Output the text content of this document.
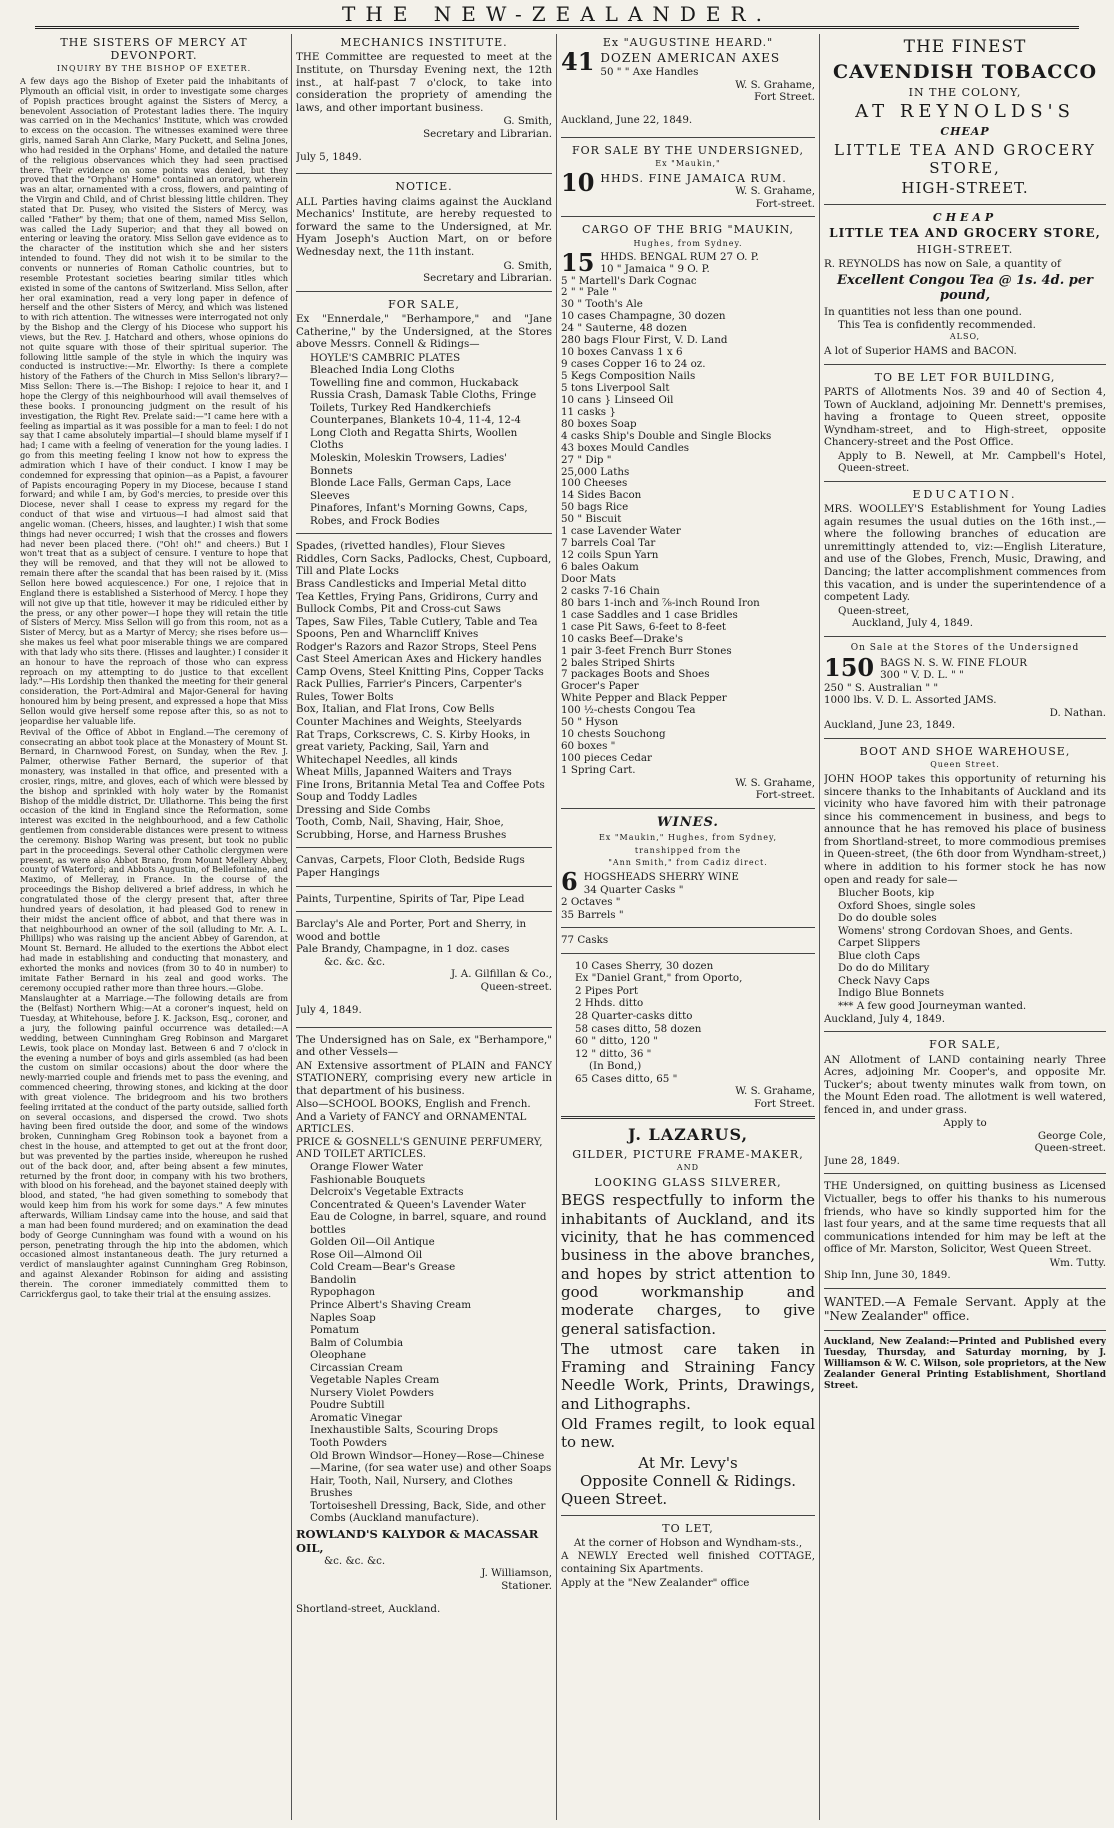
THE NEW-ZEALANDER.
THE SISTERS OF MERCY AT DEVONPORT.
INQUIRY BY THE BISHOP OF EXETER.

A few days ago the Bishop of Exeter paid the inhabitants of Plymouth an official visit, in order to investigate some charges of Popish practices brought against the Sisters of Mercy, a benevolent Association of Protestant ladies there. The inquiry was carried on in the Mechanics' Institute, which was crowded to excess on the occasion. The witnesses examined were three girls, named Sarah Ann Clarke, Mary Puckett, and Selina Jones, who had resided in the Orphans' Home, and detailed the nature of the religious observances which they had seen practised there. Their evidence on some points was denied, but they proved that the "Orphans' Home" contained an oratory, wherein was an altar, ornamented with a cross, flowers, and painting of the Virgin and Child, and of Christ blessing little children. They stated that Dr. Pusey, who visited the Sisters of Mercy, was called "Father" by them; that one of them, named Miss Sellon, was called the Lady Superior; and that they all bowed on entering or leaving the oratory. Miss Sellon gave evidence as to the character of the institution which she and her sisters intended to found. They did not wish it to be similar to the convents or nunneries of Roman Catholic countries, but to resemble Protestant societies bearing similar titles which existed in some of the cantons of Switzerland. Miss Sellon, after her oral examination, read a very long paper in defence of herself and the other Sisters of Mercy, and which was listened to with rich attention. The witnesses were interrogated not only by the Bishop and the Clergy of his Diocese who support his views, but the Rev. J. Hatchard and others, whose opinions do not quite square with those of their spiritual superior. The following little sample of the style in which the inquiry was conducted is instructive:—Mr. Elworthy: Is there a complete history of the Fathers of the Church in Miss Sellon's library?—Miss Sellon: There is.—The Bishop: I rejoice to hear it, and I hope the Clergy of this neighbourhood will avail themselves of these books. I pronouncing judgment on the result of his investigation, the Right Rev. Prelate said:—"I came here with a feeling as impartial as it was possible for a man to feel: I do not say that I came absolutely impartial—I should blame myself if I had; I came with a feeling of veneration for the young ladies. I go from this meeting feeling I know not how to express the admiration which I have of their conduct. I know I may be condemned for expressing that opinion—as a Papist, a favourer of Papists encouraging Popery in my Diocese, because I stand forward; and while I am, by God's mercies, to preside over this Diocese, never shall I cease to express my regard for the conduct of that wise and virtuous—I had almost said that angelic woman. (Cheers, hisses, and laughter.) I wish that some things had never occurred; I wish that the crosses and flowers had never been placed there. ("Oh! oh!" and cheers.) But I won't treat that as a subject of censure. I venture to hope that they will be removed, and that they will not be allowed to remain there after the scandal that has been raised by it. (Miss Sellon here bowed acquiescence.) For one, I rejoice that in England there is established a Sisterhood of Mercy. I hope they will not give up that title, however it may be ridiculed either by the press, or any other power—I hope they will retain the title of Sisters of Mercy. Miss Sellon will go from this room, not as a Sister of Mercy, but as a Martyr of Mercy; she rises before us—she makes us feel what poor miserable things we are compared with that lady who sits there. (Hisses and laughter.) I consider it an honour to have the reproach of those who can express reproach on my attempting to do justice to that excellent lady."—His Lordship then thanked the meeting for their general consideration, the Port-Admiral and Major-General for having honoured him by being present, and expressed a hope that Miss Sellon would give herself some repose after this, so as not to jeopardise her valuable life.

Revival of the Office of Abbot in England.—The ceremony of consecrating an abbot took place at the Monastery of Mount St. Bernard, in Charnwood Forest, on Sunday, when the Rev. J. Palmer, otherwise Father Bernard, the superior of that monastery, was installed in that office, and presented with a crosier, rings, mitre, and gloves, each of which were blessed by the bishop and sprinkled with holy water by the Romanist Bishop of the middle district, Dr. Ullathorne. This being the first occasion of the kind in England since the Reformation, some interest was excited in the neighbourhood, and a few Catholic gentlemen from considerable distances were present to witness the ceremony. Bishop Waring was present, but took no public part in the proceedings. Several other Catholic clergymen were present, as were also Abbot Brano, from Mount Mellery Abbey, county of Waterford; and Abbots Augustin, of Bellefontaine, and Maximo, of Melleray, in France. In the course of the proceedings the Bishop delivered a brief address, in which he congratulated those of the clergy present that, after three hundred years of desolation, it had pleased God to renew in their midst the ancient office of abbot, and that there was in that neighbourhood an owner of the soil (alluding to Mr. A. L. Phillips) who was raising up the ancient Abbey of Garendon, at Mount St. Bernard. He alluded to the exertions the Abbot elect had made in establishing and conducting that monastery, and exhorted the monks and novices (from 30 to 40 in number) to imitate Father Bernard in his zeal and good works. The ceremony occupied rather more than three hours.—Globe.

Manslaughter at a Marriage.—The following details are from the (Belfast) Northern Whig:—At a coroner's inquest, held on Tuesday, at Whitehouse, before J. K. Jackson, Esq., coroner, and a jury, the following painful occurrence was detailed:—A wedding, between Cunningham Greg Robinson and Margaret Lewis, took place on Monday last. Between 6 and 7 o'clock in the evening a number of boys and girls assembled (as had been the custom on similar occasions) about the door where the newly-married couple and friends met to pass the evening, and commenced cheering, throwing stones, and kicking at the door with great violence. The bridegroom and his two brothers feeling irritated at the conduct of the party outside, sallied forth on several occasions, and dispersed the crowd. Two shots having been fired outside the door, and some of the windows broken, Cunningham Greg Robinson took a bayonet from a chest in the house, and attempted to get out at the front door, but was prevented by the parties inside, whereupon he rushed out of the back door, and, after being absent a few minutes, returned by the front door, in company with his two brothers, with blood on his forehead, and the bayonet stained deeply with blood, and stated, "he had given something to somebody that would keep him from his work for some days." A few minutes afterwards, William Lindsay came into the house, and said that a man had been found murdered; and on examination the dead body of George Cunningham was found with a wound on his person, penetrating through the hip into the abdomen, which occasioned almost instantaneous death. The jury returned a verdict of manslaughter against Cunningham Greg Robinson, and against Alexander Robinson for aiding and assisting therein. The coroner immediately committed them to Carrickfergus gaol, to take their trial at the ensuing assizes.

MECHANICS INSTITUTE.

THE Committee are requested to meet at the Institute, on Thursday Evening next, the 12th inst., at half-past 7 o'clock, to take into consideration the propriety of amending the laws, and other important business.

G. Smith,

Secretary and Librarian.

July 5, 1849.

NOTICE.

ALL Parties having claims against the Auckland Mechanics' Institute, are hereby requested to forward the same to the Undersigned, at Mr. Hyam Joseph's Auction Mart, on or before Wednesday next, the 11th instant.

G. Smith,

Secretary and Librarian.

FOR SALE,

Ex "Ennerdale," "Berhampore," and "Jane Catherine," by the Undersigned, at the Stores above Messrs. Connell & Ridings—

HOYLE'S CAMBRIC PLATES

Bleached India Long Cloths

Towelling fine and common, Huckaback

Russia Crash, Damask Table Cloths, Fringe Toilets, Turkey Red Handkerchiefs

Counterpanes, Blankets 10-4, 11-4, 12-4

Long Cloth and Regatta Shirts, Woollen Cloths

Moleskin, Moleskin Trowsers, Ladies' Bonnets

Blonde Lace Falls, German Caps, Lace Sleeves

Pinafores, Infant's Morning Gowns, Caps, Robes, and Frock Bodies

Spades, (rivetted handles), Flour Sieves

Riddles, Corn Sacks, Padlocks, Chest, Cupboard, Till and Plate Locks

Brass Candlesticks and Imperial Metal ditto

Tea Kettles, Frying Pans, Gridirons, Curry and Bullock Combs, Pit and Cross-cut Saws

Tapes, Saw Files, Table Cutlery, Table and Tea Spoons, Pen and Wharncliff Knives

Rodger's Razors and Razor Strops, Steel Pens

Cast Steel American Axes and Hickery handles

Camp Ovens, Steel Knitting Pins, Copper Tacks

Rack Pullies, Farrier's Pincers, Carpenter's Rules, Tower Bolts

Box, Italian, and Flat Irons, Cow Bells

Counter Machines and Weights, Steelyards

Rat Traps, Corkscrews, C. S. Kirby Hooks, in great variety, Packing, Sail, Yarn and Whitechapel Needles, all kinds

Wheat Mills, Japanned Waiters and Trays

Fine Irons, Britannia Metal Tea and Coffee Pots

Soup and Toddy Ladles

Dressing and Side Combs

Tooth, Comb, Nail, Shaving, Hair, Shoe, Scrubbing, Horse, and Harness Brushes

Canvas, Carpets, Floor Cloth, Bedside Rugs

Paper Hangings

Paints, Turpentine, Spirits of Tar, Pipe Lead

Barclay's Ale and Porter, Port and Sherry, in wood and bottle

Pale Brandy, Champagne, in 1 doz. cases

&c. &c. &c.

J. A. Gilfillan & Co.,

Queen-street.

July 4, 1849.

The Undersigned has on Sale, ex "Berhampore," and other Vessels—

AN Extensive assortment of PLAIN and FANCY STATIONERY, comprising every new article in that department of his business.

Also—SCHOOL BOOKS, English and French.

And a Variety of FANCY and ORNAMENTAL ARTICLES.

PRICE & GOSNELL'S GENUINE PERFUMERY, AND TOILET ARTICLES.

Orange Flower Water

Fashionable Bouquets

Delcroix's Vegetable Extracts

Concentrated & Queen's Lavender Water

Eau de Cologne, in barrel, square, and round bottles

Golden Oil—Oil Antique

Rose Oil—Almond Oil

Cold Cream—Bear's Grease

Bandolin

Rypophagon

Prince Albert's Shaving Cream

Naples Soap

Pomatum

Balm of Columbia

Oleophane

Circassian Cream

Vegetable Naples Cream

Nursery Violet Powders

Poudre Subtill

Aromatic Vinegar

Inexhaustible Salts, Scouring Drops

Tooth Powders

Old Brown Windsor—Honey—Rose—Chinese—Marine, (for sea water use) and other Soaps

Hair, Tooth, Nail, Nursery, and Clothes Brushes

Tortoiseshell Dressing, Back, Side, and other Combs (Auckland manufacture).

ROWLAND'S KALYDOR & MACASSAR OIL,

&c. &c. &c.

J. Williamson,

Stationer.

Shortland-street, Auckland.

Ex "AUGUSTINE HEARD."
41 DOZEN AMERICAN AXES

50 " " Axe Handles

W. S. Grahame,

Fort Street.

Auckland, June 22, 1849.

FOR SALE BY THE UNDERSIGNED,
Ex "Maukin,"
10 HHDS. FINE JAMAICA RUM.

W. S. Grahame,

Fort-street.

CARGO OF THE BRIG "MAUKIN,
Hughes, from Sydney.
15 HHDS. BENGAL RUM 27 O. P.

10 " Jamaica " 9 O. P.

5 " Martell's Dark Cognac

2 " " Pale "

30 " Tooth's Ale

10 cases Champagne, 30 dozen

24 " Sauterne, 48 dozen

280 bags Flour First, V. D. Land

10 boxes Canvass 1 x 6

9 cases Copper 16 to 24 oz.

5 Kegs Composition Nails

5 tons Liverpool Salt

10 cans } Linseed Oil

11 casks }

80 boxes Soap

4 casks Ship's Double and Single Blocks

43 boxes Mould Candles

27 " Dip "

25,000 Laths

100 Cheeses

14 Sides Bacon

50 bags Rice

50 " Biscuit

1 case Lavender Water

7 barrels Coal Tar

12 coils Spun Yarn

6 bales Oakum

Door Mats

2 casks 7-16 Chain

80 bars 1-inch and ⅞-inch Round Iron

1 case Saddles and 1 case Bridles

1 case Pit Saws, 6-feet to 8-feet

10 casks Beef—Drake's

1 pair 3-feet French Burr Stones

2 bales Striped Shirts

7 packages Boots and Shoes

Grocer's Paper

White Pepper and Black Pepper

100 ½-chests Congou Tea

50 " Hyson

10 chests Souchong

60 boxes "

100 pieces Cedar

1 Spring Cart.

W. S. Grahame,

Fort-street.

WINES.

Ex "Maukin," Hughes, from Sydney,

transhipped from the

"Ann Smith," from Cadiz direct.

6 HOGSHEADS SHERRY WINE

34 Quarter Casks "

2 Octaves "

35 Barrels "

77 Casks

10 Cases Sherry, 30 dozen

Ex "Daniel Grant," from Oporto,

2 Pipes Port

2 Hhds. ditto

28 Quarter-casks ditto

58 cases ditto, 58 dozen

60 " ditto, 120 "

12 " ditto, 36 "

(In Bond,)

65 Cases ditto, 65 "

W. S. Grahame,

Fort Street.

J. LAZARUS,
GILDER, PICTURE FRAME-MAKER,
AND
LOOKING GLASS SILVERER,

BEGS respectfully to inform the inhabitants of Auckland, and its vicinity, that he has commenced business in the above branches, and hopes by strict attention to good workmanship and moderate charges, to give general satisfaction.

The utmost care taken in Framing and Straining Fancy Needle Work, Prints, Drawings, and Lithographs.

Old Frames regilt, to look equal to new.

At Mr. Levy's

Opposite Connell & Ridings.

Queen Street.

TO LET,

At the corner of Hobson and Wyndham-sts.,

A NEWLY Erected well finished COTTAGE, containing Six Apartments.

Apply at the "New Zealander" office

THE FINEST
CAVENDISH TOBACCO
IN THE COLONY,
AT REYNOLDS'S
CHEAP
LITTLE TEA AND GROCERY STORE,
HIGH-STREET.
CHEAP
LITTLE TEA AND GROCERY STORE,
HIGH-STREET.

R. REYNOLDS has now on Sale, a quantity of

Excellent Congou Tea @ 1s. 4d. per pound,

In quantities not less than one pound.

This Tea is confidently recommended.

ALSO,

A lot of Superior HAMS and BACON.

TO BE LET FOR BUILDING,

PARTS of Allotments Nos. 39 and 40 of Section 4, Town of Auckland, adjoining Mr. Dennett's premises, having a frontage to Queen street, opposite Wyndham-street, and to High-street, opposite Chancery-street and the Post Office.

Apply to B. Newell, at Mr. Campbell's Hotel, Queen-street.

EDUCATION.

MRS. WOOLLEY'S Establishment for Young Ladies again resumes the usual duties on the 16th inst.,—where the following branches of education are unremittingly attended to, viz:—English Literature, and use of the Globes, French, Music, Drawing, and Dancing; the latter accomplishment commences from this vacation, and is under the superintendence of a competent Lady.

Queen-street,

Auckland, July 4, 1849.

On Sale at the Stores of the Undersigned
150 BAGS N. S. W. FINE FLOUR

300 " V. D. L. " "

250 " S. Australian " "

1000 lbs. V. D. L. Assorted JAMS.

D. Nathan.

Auckland, June 23, 1849.

BOOT AND SHOE WAREHOUSE,
Queen Street.

JOHN HOOP takes this opportunity of returning his sincere thanks to the Inhabitants of Auckland and its vicinity who have favored him with their patronage since his commencement in business, and begs to announce that he has removed his place of business from Shortland-street, to more commodious premises in Queen-street, (the 6th door from Wyndham-street,) where in addition to his former stock he has now open and ready for sale—

Blucher Boots, kip

Oxford Shoes, single soles

Do do double soles

Womens' strong Cordovan Shoes, and Gents. Carpet Slippers

Blue cloth Caps

Do do do Military

Check Navy Caps

Indigo Blue Bonnets

*** A few good Journeyman wanted.

Auckland, July 4, 1849.

FOR SALE,

AN Allotment of LAND containing nearly Three Acres, adjoining Mr. Cooper's, and opposite Mr. Tucker's; about twenty minutes walk from town, on the Mount Eden road. The allotment is well watered, fenced in, and under grass.

Apply to

George Cole,

Queen-street.

June 28, 1849.

THE Undersigned, on quitting business as Licensed Victualler, begs to offer his thanks to his numerous friends, who have so kindly supported him for the last four years, and at the same time requests that all communications intended for him may be left at the office of Mr. Marston, Solicitor, West Queen Street.

Wm. Tutty.

Ship Inn, June 30, 1849.

WANTED.—A Female Servant. Apply at the "New Zealander" office.

Auckland, New Zealand:—Printed and Published every Tuesday, Thursday, and Saturday morning, by J. Williamson & W. C. Wilson, sole proprietors, at the New Zealander General Printing Establishment, Shortland Street.
